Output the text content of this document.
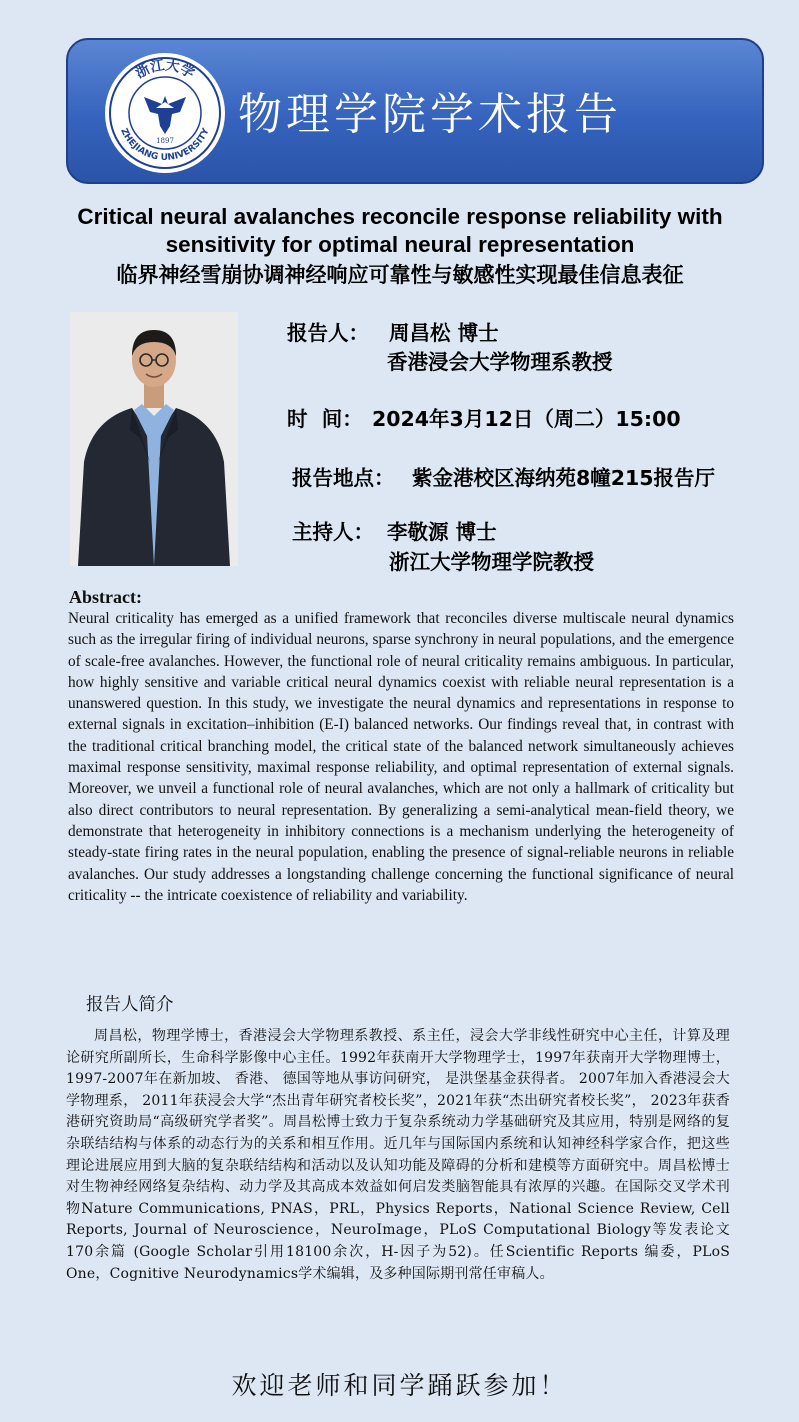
1897
浙江大学
ZHEJIANG UNIVERSITY 物理学院学术报告
Critical neural avalanches reconcile response reliability with
sensitivity for optimal neural representation
临界神经雪崩协调神经响应可靠性与敏感性实现最佳信息表征
报告人： 周昌松 博士
香港浸会大学物理系教授
时  间： 2024年3月12日（周二）15:00
报告地点： 紫金港校区海纳苑8幢215报告厅
主持人： 李敬源 博士
浙江大学物理学院教授
Abstract:
Neural criticality has emerged as a unified framework that reconciles diverse multiscale neural dynamics such as the irregular firing of individual neurons, sparse synchrony in neural populations, and the emergence of scale-free avalanches. However, the functional role of neural criticality remains ambiguous. In particular, how highly sensitive and variable critical neural dynamics coexist with reliable neural representation is a unanswered question. In this study, we investigate the neural dynamics and representations in response to external signals in excitation–inhibition (E-I) balanced networks. Our findings reveal that, in contrast with the traditional critical branching model, the critical state of the balanced network simultaneously achieves maximal response sensitivity, maximal response reliability, and optimal representation of external signals. Moreover, we unveil a functional role of neural avalanches, which are not only a hallmark of criticality but also direct contributors to neural representation. By generalizing a semi-analytical mean-field theory, we demonstrate that heterogeneity in inhibitory connections is a mechanism underlying the heterogeneity of steady-state firing rates in the neural population, enabling the presence of signal-reliable neurons in reliable avalanches. Our study addresses a longstanding challenge concerning the functional significance of neural criticality -- the intricate coexistence of reliability and variability.
报告人简介
周昌松，物理学博士，香港浸会大学物理系教授、系主任，浸会大学非线性研究中心主任，计算及理论研究所副所长，生命科学影像中心主任。1992年获南开大学物理学士，1997年获南开大学物理博士，1997-2007年在新加坡、 香港、 德国等地从事访问研究， 是洪堡基金获得者。 2007年加入香港浸会大学物理系， 2011年获浸会大学“杰出青年研究者校长奖”，2021年获“杰出研究者校长奖”， 2023年获香港研究资助局“高级研究学者奖”。周昌松博士致力于复杂系统动力学基础研究及其应用，特别是网络的复杂联结结构与体系的动态行为的关系和相互作用。近几年与国际国内系统和认知神经科学家合作，把这些理论进展应用到大脑的复杂联结结构和活动以及认知功能及障碍的分析和建模等方面研究中。周昌松博士对生物神经网络复杂结构、动力学及其高成本效益如何启发类脑智能具有浓厚的兴趣。在国际交叉学术刊物Nature Communications, PNAS，PRL，Physics Reports，National Science Review, Cell Reports, Journal of Neuroscience，NeuroImage，PLoS Computational Biology等发表论文170余篇 (Google Scholar引用18100余次，H-因子为52)。任Scientific Reports 编委，PLoS One，Cognitive Neurodynamics学术编辑，及多种国际期刊常任审稿人。
欢迎老师和同学踊跃参加！
